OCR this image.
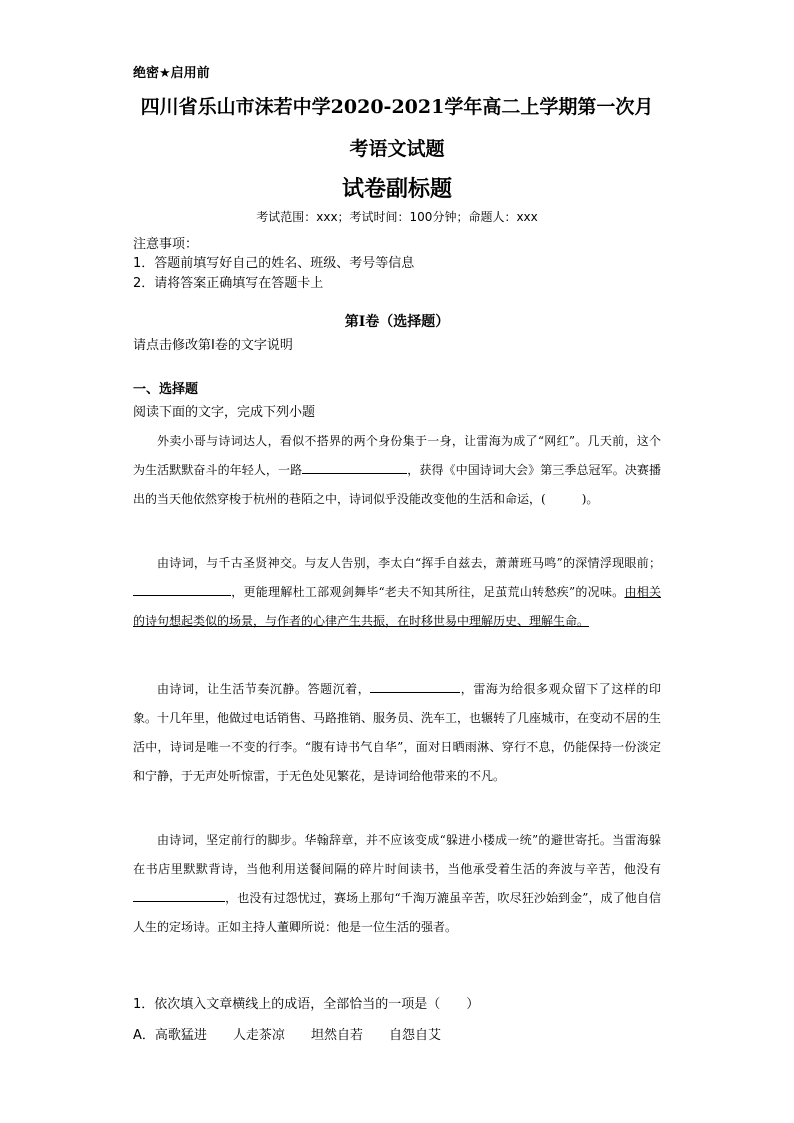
绝密★启用前
四川省乐山市沫若中学2020-2021学年高二上学期第一次月
考语文试题
试卷副标题
考试范围：xxx；考试时间：100分钟；命题人：xxx
注意事项：
1．答题前填写好自己的姓名、班级、考号等信息
2．请将答案正确填写在答题卡上
第I卷（选择题）
请点击修改第I卷的文字说明
一、选择题
阅读下面的文字，完成下列小题

外卖小哥与诗词达人，看似不搭界的两个身份集于一身，让雷海为成了“网红”。几天前，这个为生活默默奋斗的年轻人，一路	，获得《中国诗词大会》第三季总冠军。决赛播出的当天他依然穿梭于杭州的巷陌之中，诗词似乎没能改变他的生活和命运，(	)。

由诗词，与千古圣贤神交。与友人告别，李太白“挥手自兹去，萧萧班马鸣”的深情浮现眼前；，更能理解杜工部观剑舞毕“老夫不知其所往，足茧荒山转愁疾”的况味。由相关的诗句想起类似的场景，与作者的心律产生共振，在时移世易中理解历史、理解生命。

由诗词，让生活节奏沉静。答题沉着，	，雷海为给很多观众留下了这样的印象。十几年里，他做过电话销售、马路推销、服务员、洗车工，也辗转了几座城市，在变动不居的生活中，诗词是唯一不变的行李。“腹有诗书气自华”，面对日晒雨淋、穿行不息，仍能保持一份淡定和宁静，于无声处听惊雷，于无色处见繁花，是诗词给他带来的不凡。

由诗词，坚定前行的脚步。华翰辞章，并不应该变成“躲进小楼成一统”的避世寄托。当雷海躲在书店里默默背诗，当他利用送餐间隔的碎片时间读书，当他承受着生活的奔波与辛苦，他没有，也没有过怨忧过，赛场上那句“千淘万漉虽辛苦，吹尽狂沙始到金”，成了他自信人生的定场诗。正如主持人董卿所说：他是一位生活的强者。

1．依次填入文章横线上的成语，全部恰当的一项是（　　）
A．高歌猛进 人走茶凉 坦然自若 自怨自艾
